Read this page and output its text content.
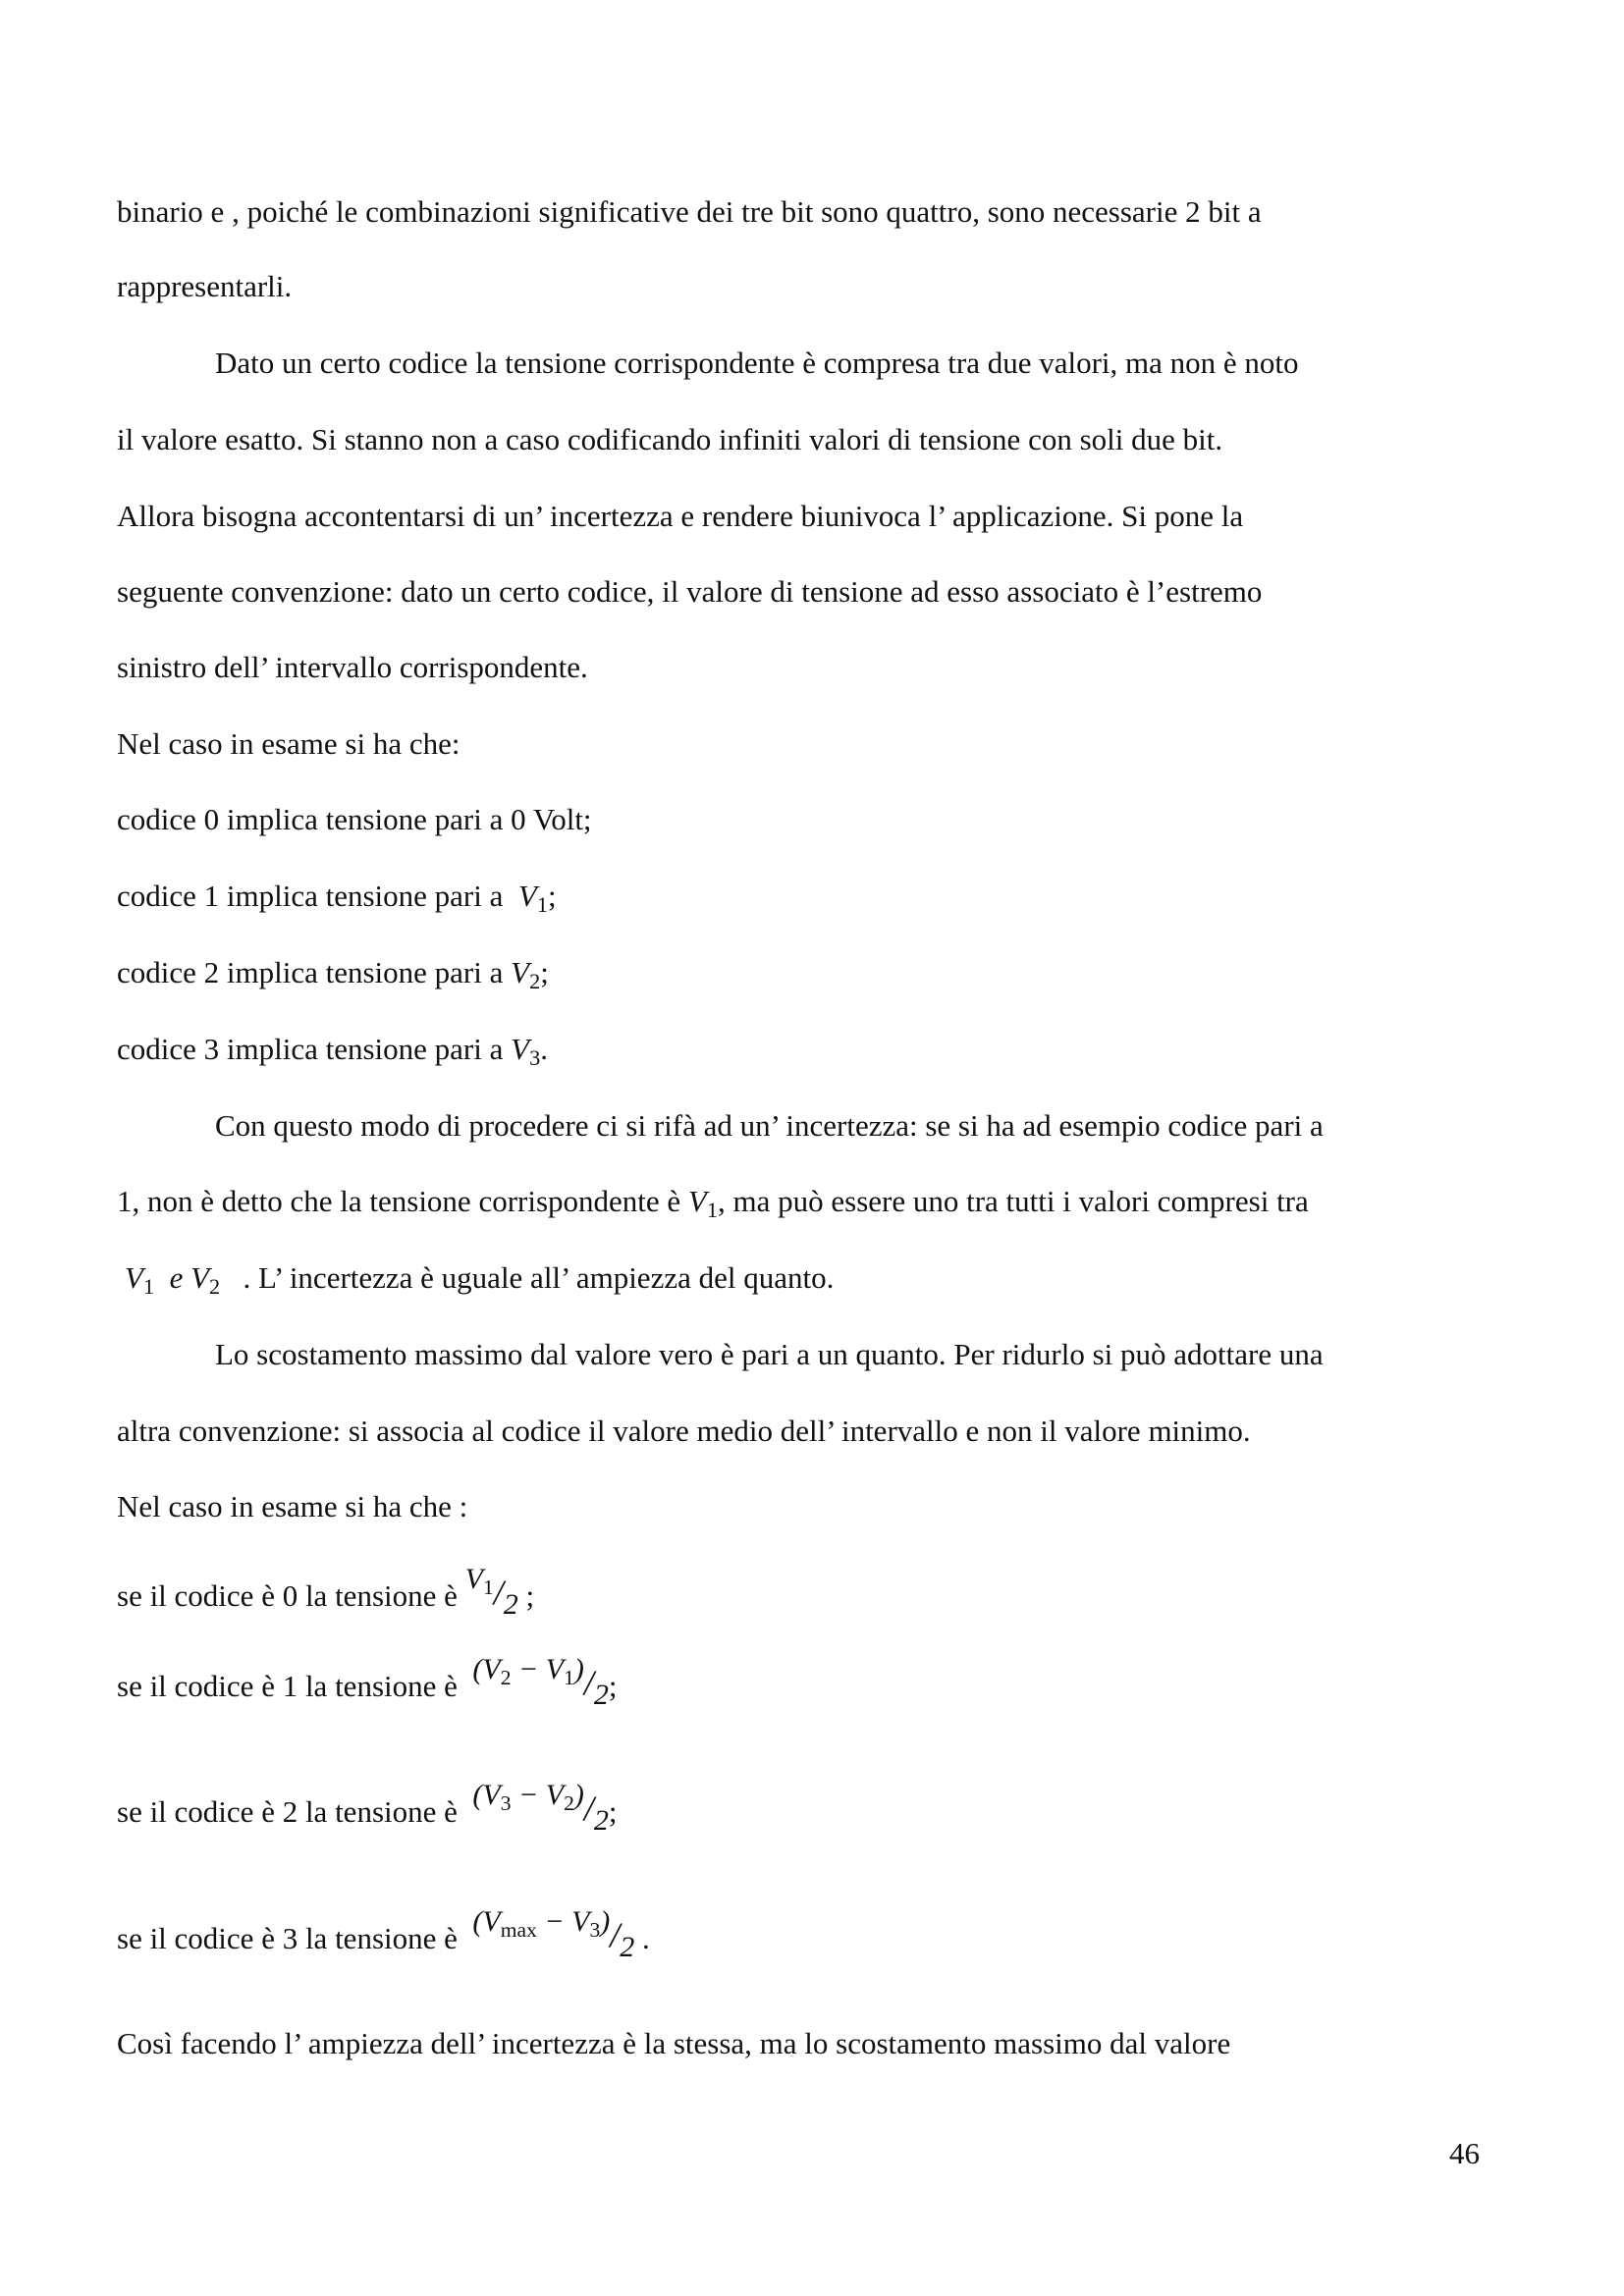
binario e , poiché le combinazioni significative dei tre bit sono quattro, sono necessarie 2 bit a
rappresentarli.
Dato un certo codice la tensione corrispondente è compresa tra due valori, ma non è noto
il valore esatto. Si stanno non a caso codificando infiniti valori di tensione con soli due bit.
Allora bisogna accontentarsi di un’ incertezza e rendere biunivoca l’ applicazione. Si pone la
seguente convenzione: dato un certo codice, il valore di tensione ad esso associato è l’estremo
sinistro dell’ intervallo corrispondente.
Nel caso in esame si ha che:
codice 0 implica tensione pari a 0 Volt;
codice 1 implica tensione pari a $V_1$;
codice 2 implica tensione pari a $V_2$;
codice 3 implica tensione pari a $V_3$.
Con questo modo di procedere ci si rifà ad un’ incertezza: se si ha ad esempio codice pari a
1, non è detto che la tensione corrispondente è $V_1$, ma può essere uno tra tutti i valori compresi tra
$V_1$ e $V_2$ . L’ incertezza è uguale all’ ampiezza del quanto.
Lo scostamento massimo dal valore vero è pari a un quanto. Per ridurlo si può adottare una
altra convenzione: si associa al codice il valore medio dell’ intervallo e non il valore minimo.
Nel caso in esame si ha che :
se il codice è 0 la tensione è $V_1/2$ ;
se il codice è 1 la tensione è $(V_2 - V_1)/2$;
se il codice è 2 la tensione è $(V_3 - V_2)/2$;
se il codice è 3 la tensione è $(V_{max} - V_3)/2$ .
Così facendo l’ ampiezza dell’ incertezza è la stessa, ma lo scostamento massimo dal valore
46
